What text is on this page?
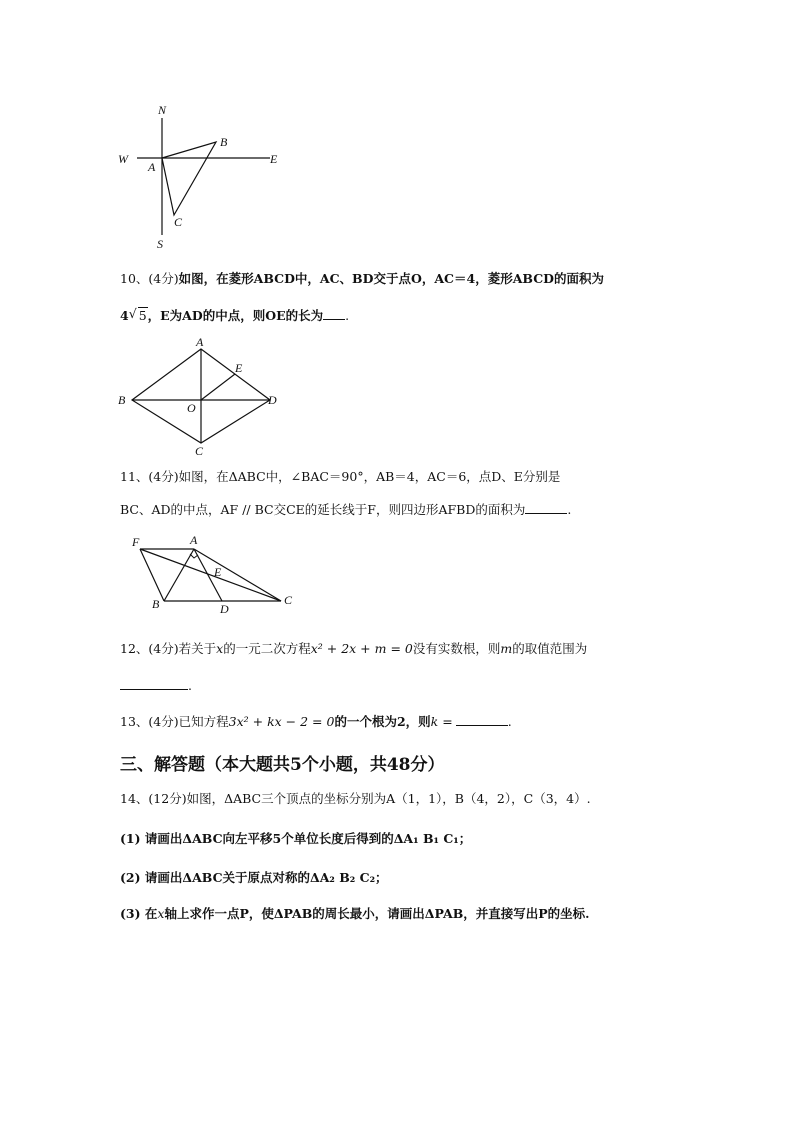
N
W	E
S
A
B
C
10、(4分)如图，在菱形ABCD中，AC、BD交于点O，AC＝4，菱形ABCD的面积为
4 √ 5，E为AD的中点，则OE的长为 .
A
B
C
D
E
O
11、(4分)如图，在ΔABC中，∠BAC＝90°，AB＝4，AC＝6，点D、E分别是
BC、AD的中点，AF // BC交CE的延长线于F，则四边形AFBD的面积为	.
F	A
E
B	D
C
12、(4分)若关于x的一元二次方程x² + 2x + m = 0没有实数根，则m的取值范围为
.
13、(4分)已知方程3x² + kx − 2 = 0的一个根为2，则k =	.
三、解答题（本大题共5个小题，共48分）
14、(12分)如图，ΔABC三个顶点的坐标分别为A（1，1），B（4，2），C（3，4）.
(1) 请画出ΔABC向左平移5个单位长度后得到的ΔA₁ B₁ C₁；
(2) 请画出ΔABC关于原点对称的ΔA₂ B₂ C₂；
(3) 在x轴上求作一点P，使ΔPAB的周长最小，请画出ΔPAB，并直接写出P的坐标.
